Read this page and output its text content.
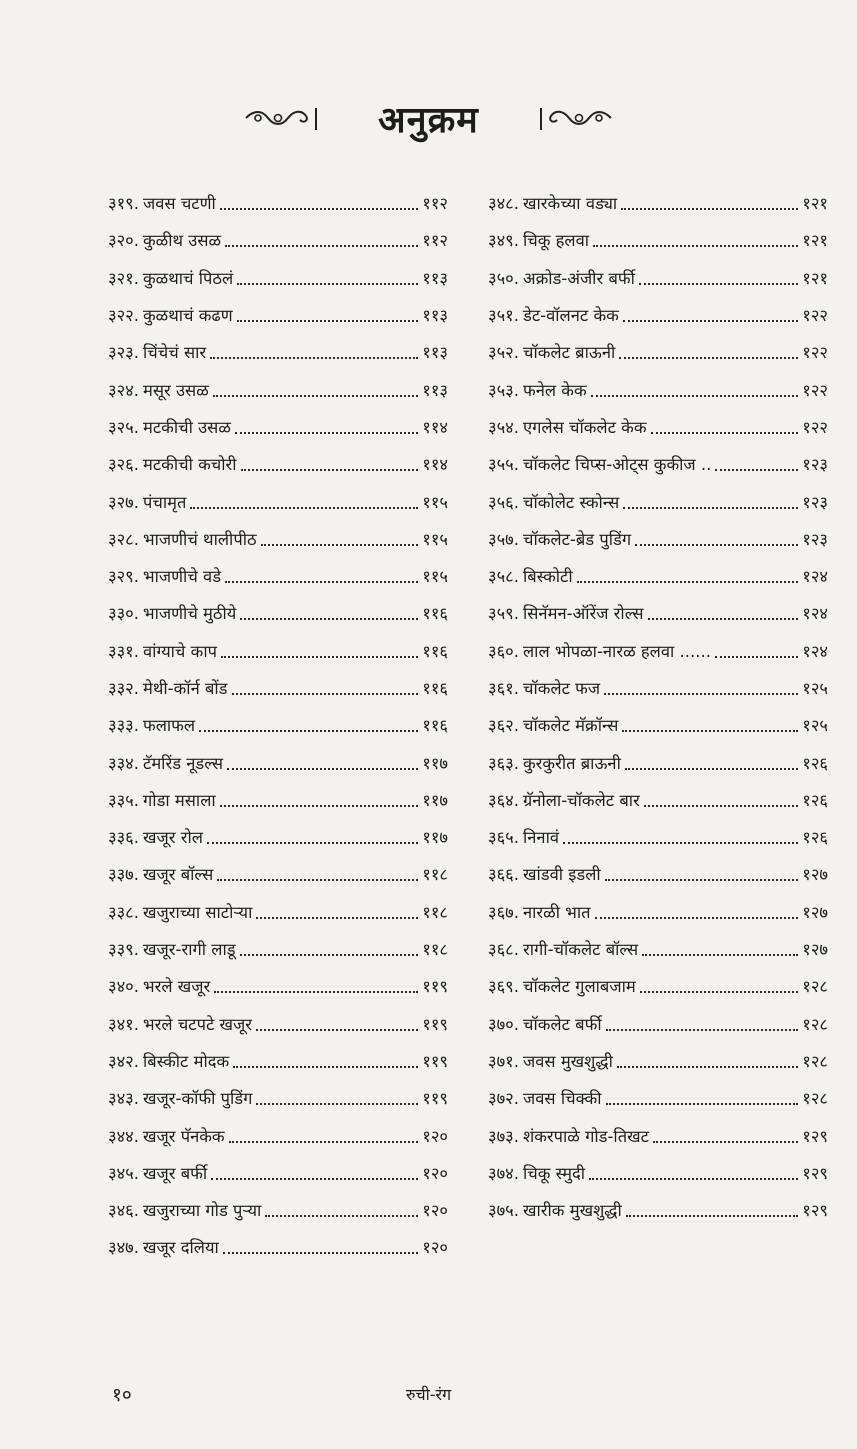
अनुक्रम
३१९. जवस चटणी	११२
३२०. कुळीथ उसळ	११२
३२१. कुळथाचं पिठलं	११३
३२२. कुळथाचं कढण	११३
३२३. चिंचेचं सार	११३
३२४. मसूर उसळ	११३
३२५. मटकीची उसळ	११४
३२६. मटकीची कचोरी	११४
३२७. पंचामृत	११५
३२८. भाजणीचं थालीपीठ	११५
३२९. भाजणीचे वडे	११५
३३०. भाजणीचे मुठीये	११६
३३१. वांग्याचे काप	११६
३३२. मेथी-कॉर्न बोंड	११६
३३३. फलाफल	११६
३३४. टॅमरिंड नूडल्स	११७
३३५. गोडा मसाला	११७
३३६. खजूर रोल	११७
३३७. खजूर बॉल्स	११८
३३८. खजुराच्या साटोऱ्या	११८
३३९. खजूर-रागी लाडू	११८
३४०. भरले खजूर	११९
३४१. भरले चटपटे खजूर	११९
३४२. बिस्कीट मोदक	११९
३४३. खजूर-कॉफी पुडिंग	११९
३४४. खजूर पॅनकेक	१२०
३४५. खजूर बर्फी	१२०
३४६. खजुराच्या गोड पुऱ्या	१२०
३४७. खजूर दलिया	१२०
३४८. खारकेच्या वड्या	१२१
३४९. चिकू हलवा	१२१
३५०. अक्रोड-अंजीर बर्फी	१२१
३५१. डेट-वॉलनट केक	१२२
३५२. चॉकलेट ब्राऊनी	१२२
३५३. फनेल केक	१२२
३५४. एगलेस चॉकलेट केक	१२२
३५५. चॉकलेट चिप्स-ओट्स कुकीज ..	१२३
३५६. चॉकोलेट स्कोन्स	१२३
३५७. चॉकलेट-ब्रेड पुडिंग	१२३
३५८. बिस्कोटी	१२४
३५९. सिनॅमन-ऑरेंज रोल्स	१२४
३६०. लाल भोपळा-नारळ हलवा ......	१२४
३६१. चॉकलेट फज	१२५
३६२. चॉकलेट मॅक्रॉन्स	१२५
३६३. कुरकुरीत ब्राऊनी	१२६
३६४. ग्रॅनोला-चॉकलेट बार	१२६
३६५. निनावं	१२६
३६६. खांडवी इडली	१२७
३६७. नारळी भात	१२७
३६८. रागी-चॉकलेट बॉल्स	१२७
३६९. चॉकलेट गुलाबजाम	१२८
३७०. चॉकलेट बर्फी	१२८
३७१. जवस मुखशुद्धी	१२८
३७२. जवस चिक्की	१२८
३७३. शंकरपाळे गोड-तिखट	१२९
३७४. चिकू स्मुदी	१२९
३७५. खारीक मुखशुद्धी	१२९
१०	रुची-रंग
